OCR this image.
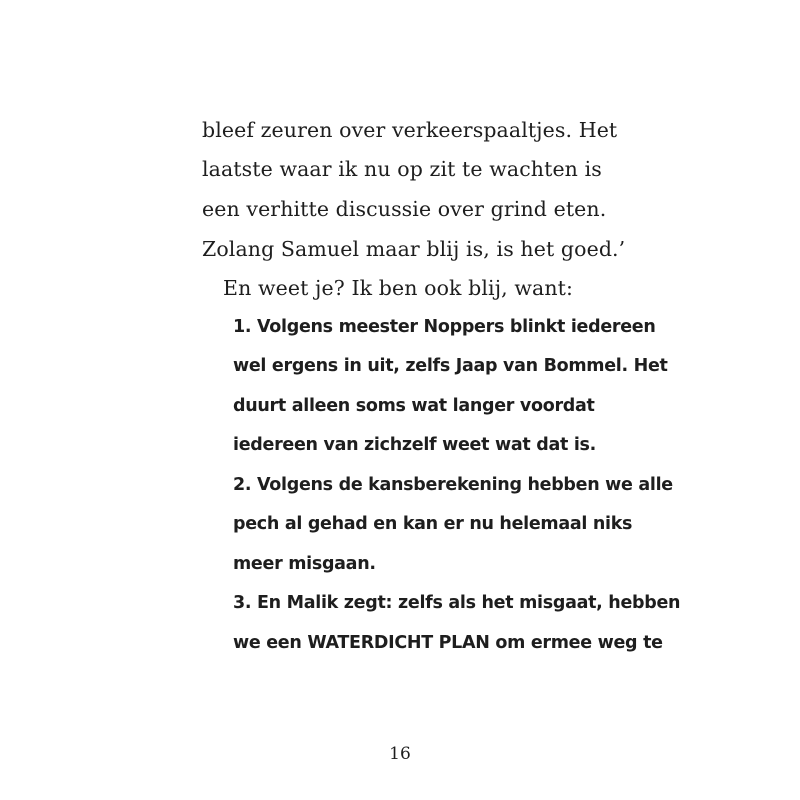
bleef zeuren over verkeerspaaltjes. Het
laatste waar ik nu op zit te wachten is
een verhitte discussie over grind eten.
Zolang Samuel maar blij is, is het goed.’
En weet je? Ik ben ook blij, want:
1. Volgens meester Noppers blinkt iedereen
wel ergens in uit, zelfs Jaap van Bommel. Het
duurt alleen soms wat langer voordat
iedereen van zichzelf weet wat dat is.
2. Volgens de kansberekening hebben we alle
pech al gehad en kan er nu helemaal niks
meer misgaan.
3. En Malik zegt: zelfs als het misgaat, hebben
we een WATERDICHT PLAN om ermee weg te
16
